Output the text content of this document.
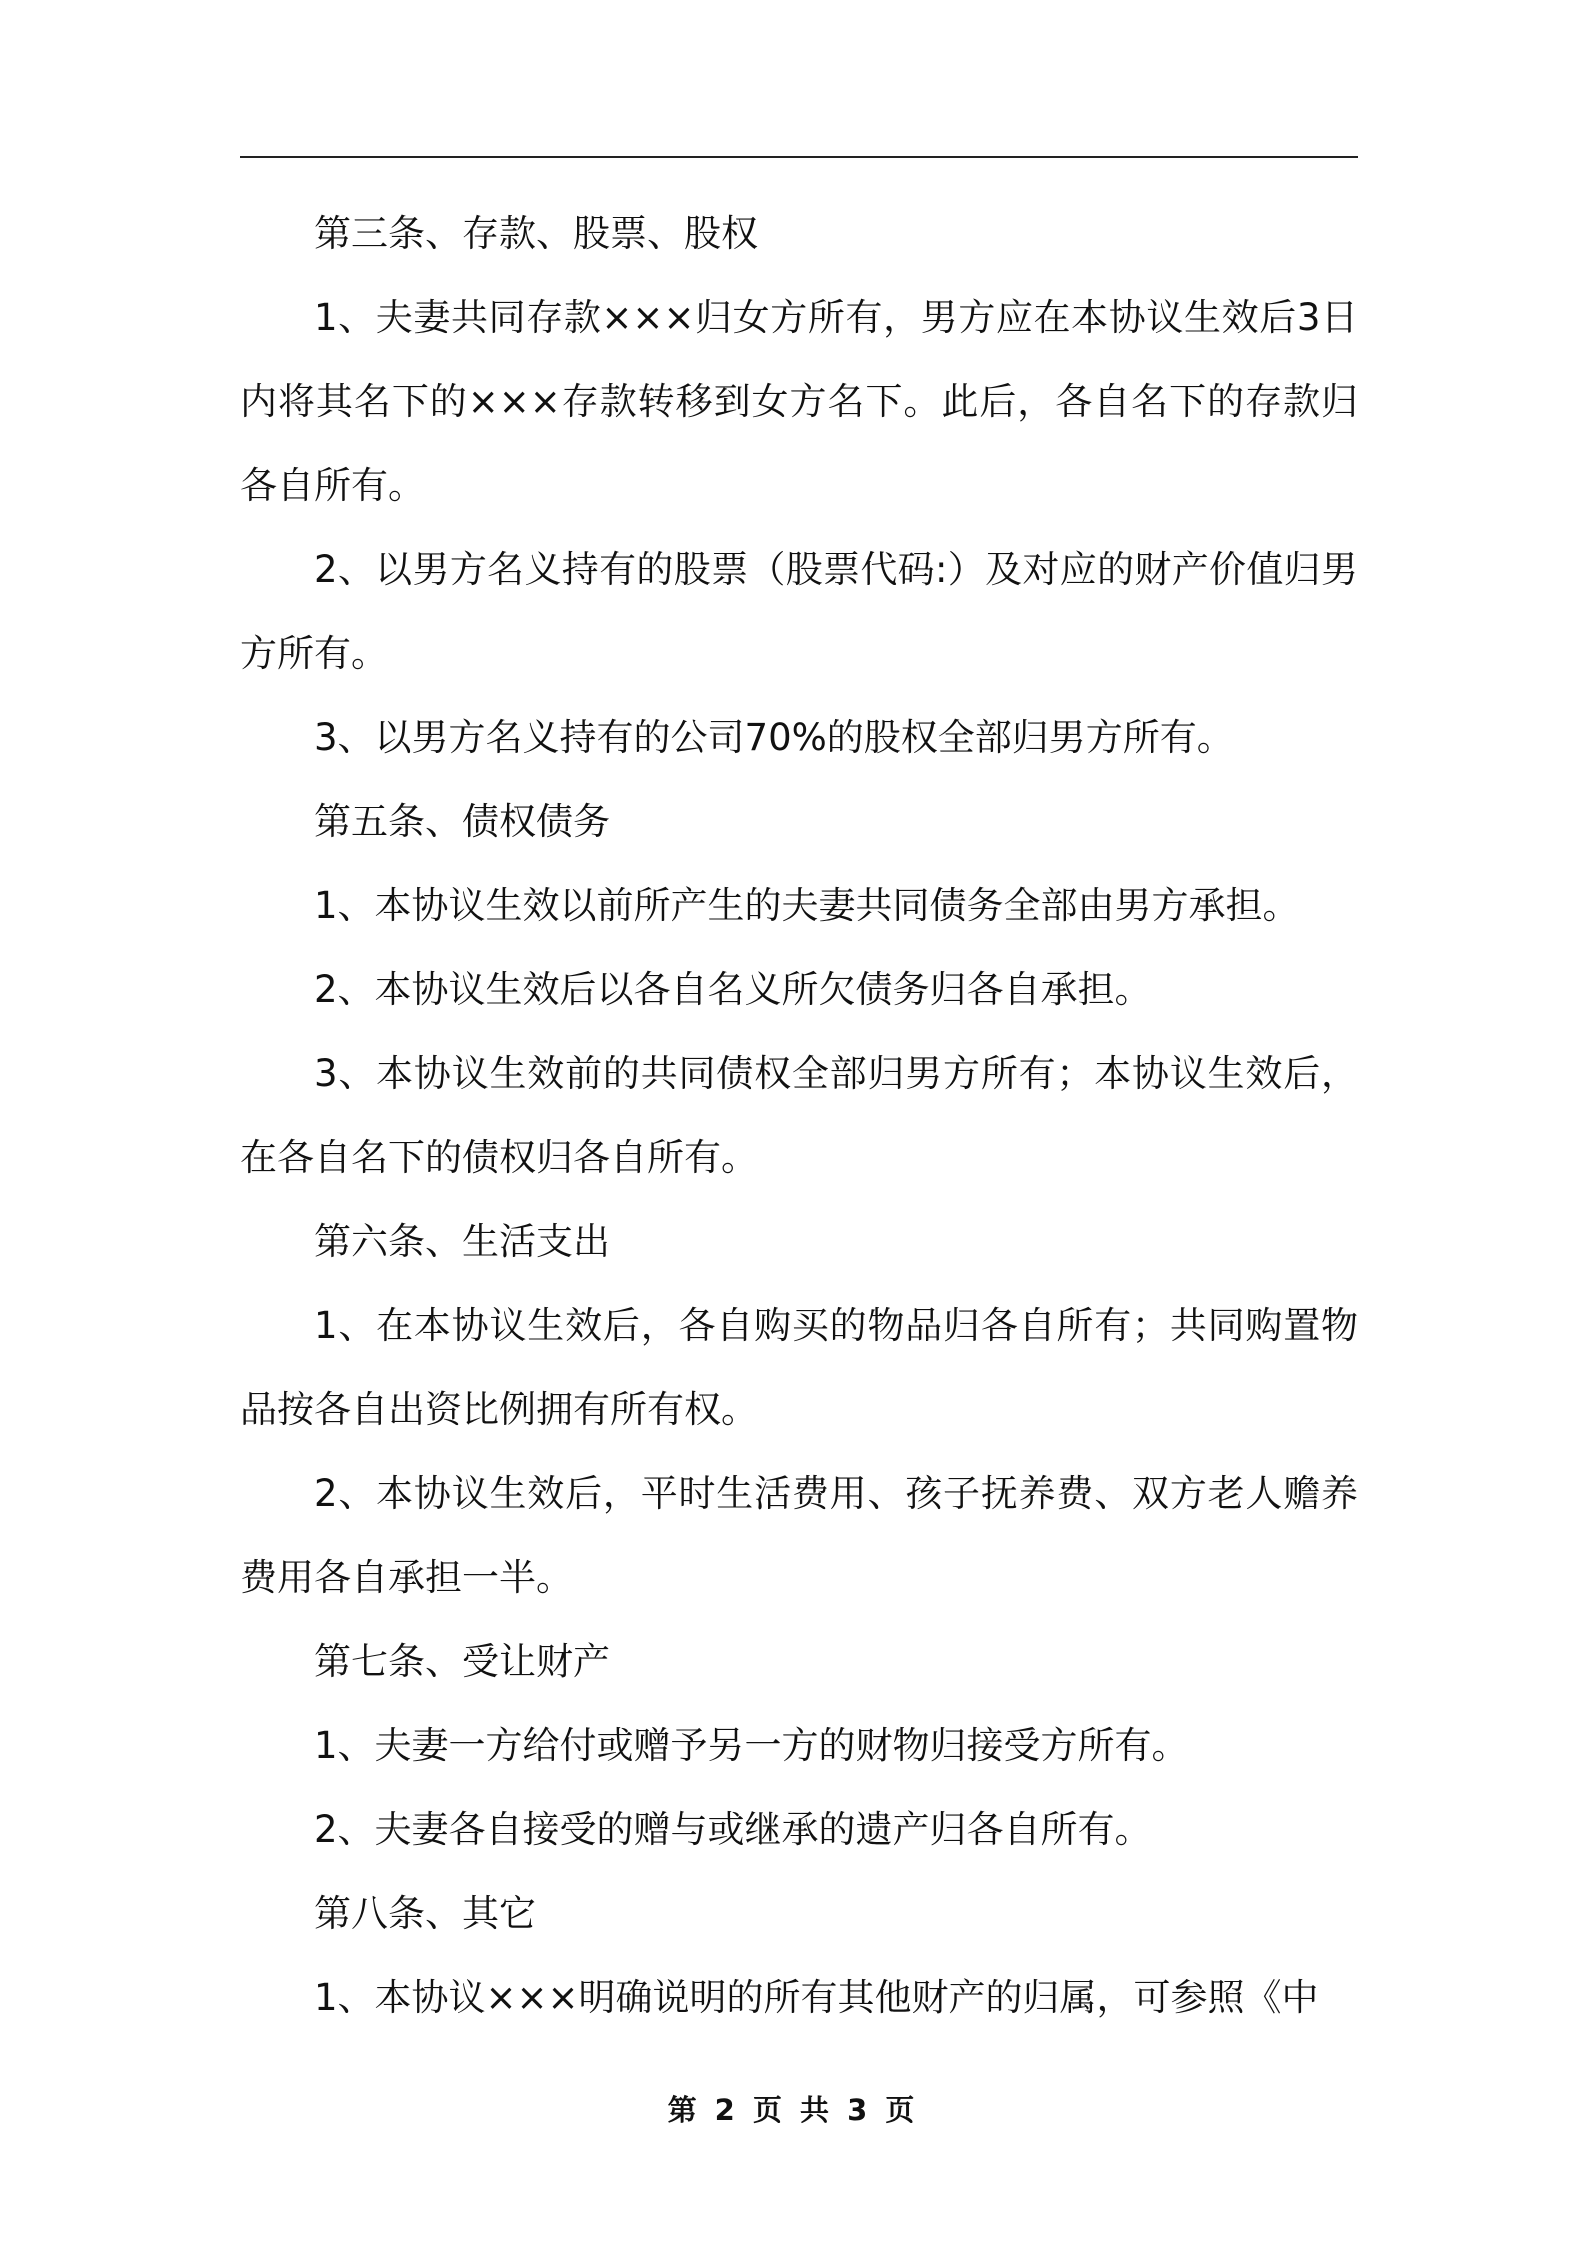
第三条、存款、股票、股权

1、夫妻共同存款×××归女方所有，男方应在本协议生效后3日内将其名下的×××存款转移到女方名下。此后，各自名下的存款归各自所有。

2、以男方名义持有的股票（股票代码:）及对应的财产价值归男方所有。

3、以男方名义持有的公司70%的股权全部归男方所有。

第五条、债权债务

1、本协议生效以前所产生的夫妻共同债务全部由男方承担。

2、本协议生效后以各自名义所欠债务归各自承担。

3、本协议生效前的共同债权全部归男方所有；本协议生效后，在各自名下的债权归各自所有。

第六条、生活支出

1、在本协议生效后，各自购买的物品归各自所有；共同购置物品按各自出资比例拥有所有权。

2、本协议生效后，平时生活费用、孩子抚养费、双方老人赡养费用各自承担一半。

第七条、受让财产

1、夫妻一方给付或赠予另一方的财物归接受方所有。

2、夫妻各自接受的赠与或继承的遗产归各自所有。

第八条、其它

1、本协议×××明确说明的所有其他财产的归属，可参照《中

第 2 页 共 3 页
